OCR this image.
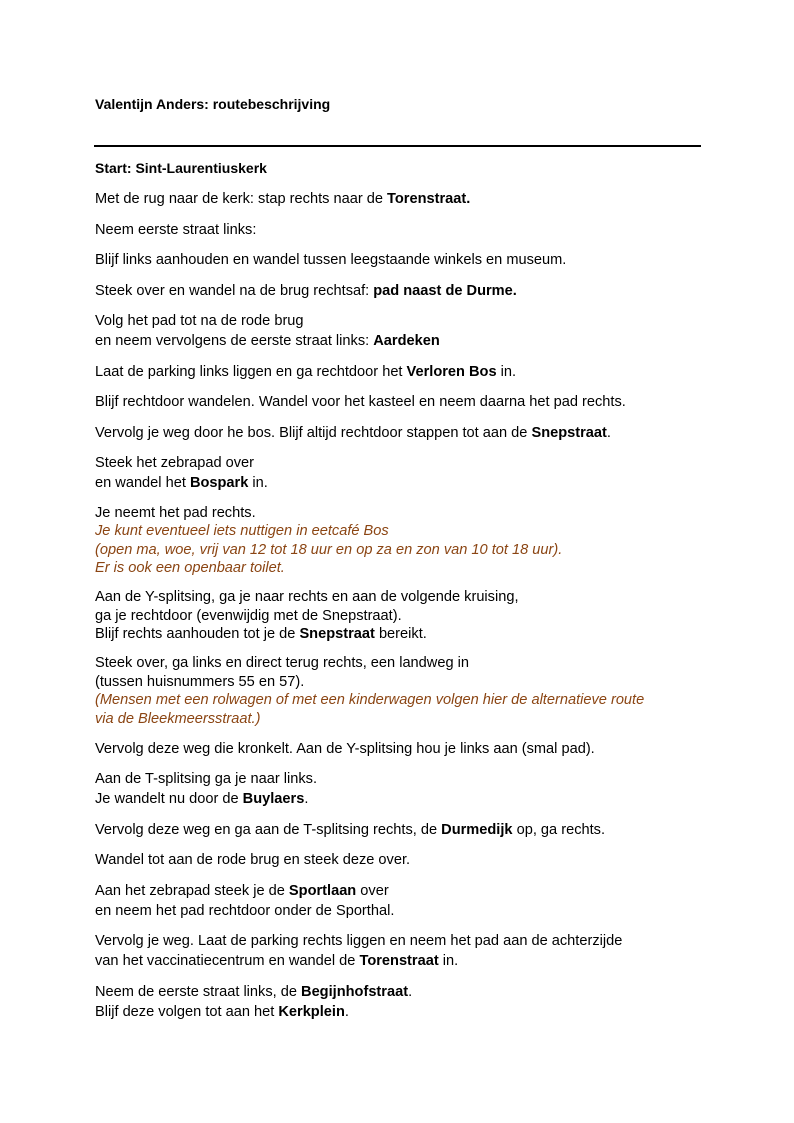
Valentijn Anders: routebeschrijving
Start: Sint-Laurentiuskerk
Met de rug naar de kerk: stap rechts naar de Torenstraat.
Neem eerste straat links:
Blijf links aanhouden en wandel tussen leegstaande winkels en museum.
Steek over en wandel na de brug rechtsaf: pad naast de Durme.
Volg het pad tot na de rode brug
en neem vervolgens de eerste straat links: Aardeken
Laat de parking links liggen en ga rechtdoor het Verloren Bos in.
Blijf rechtdoor wandelen. Wandel voor het kasteel en neem daarna het pad rechts.
Vervolg je weg door he bos. Blijf altijd rechtdoor stappen tot aan de Snepstraat.
Steek het zebrapad over
en wandel het Bospark in.
Je neemt het pad rechts.
Je kunt eventueel iets nuttigen in eetcafé Bos
(open ma, woe, vrij van 12 tot 18 uur en op za en zon van 10 tot 18 uur).
Er is ook een openbaar toilet.
Aan de Y-splitsing, ga je naar rechts en aan de volgende kruising,
ga je rechtdoor (evenwijdig met de Snepstraat).
Blijf rechts aanhouden tot je de Snepstraat bereikt.
Steek over, ga links en direct terug rechts, een landweg in
(tussen huisnummers 55 en 57).
(Mensen met een rolwagen of met een kinderwagen volgen hier de alternatieve route
via de Bleekmeersstraat.)
Vervolg deze weg die kronkelt. Aan de Y-splitsing hou je links aan (smal pad).
Aan de T-splitsing ga je naar links.
Je wandelt nu door de Buylaers.
Vervolg deze weg en ga aan de T-splitsing rechts, de Durmedijk op, ga rechts.
Wandel tot aan de rode brug en steek deze over.
Aan het zebrapad steek je de Sportlaan over
en neem het pad rechtdoor onder de Sporthal.
Vervolg je weg. Laat de parking rechts liggen en neem het pad aan de achterzijde
van het vaccinatiecentrum en wandel de Torenstraat in.
Neem de eerste straat links, de Begijnhofstraat.
Blijf deze volgen tot aan het Kerkplein.
